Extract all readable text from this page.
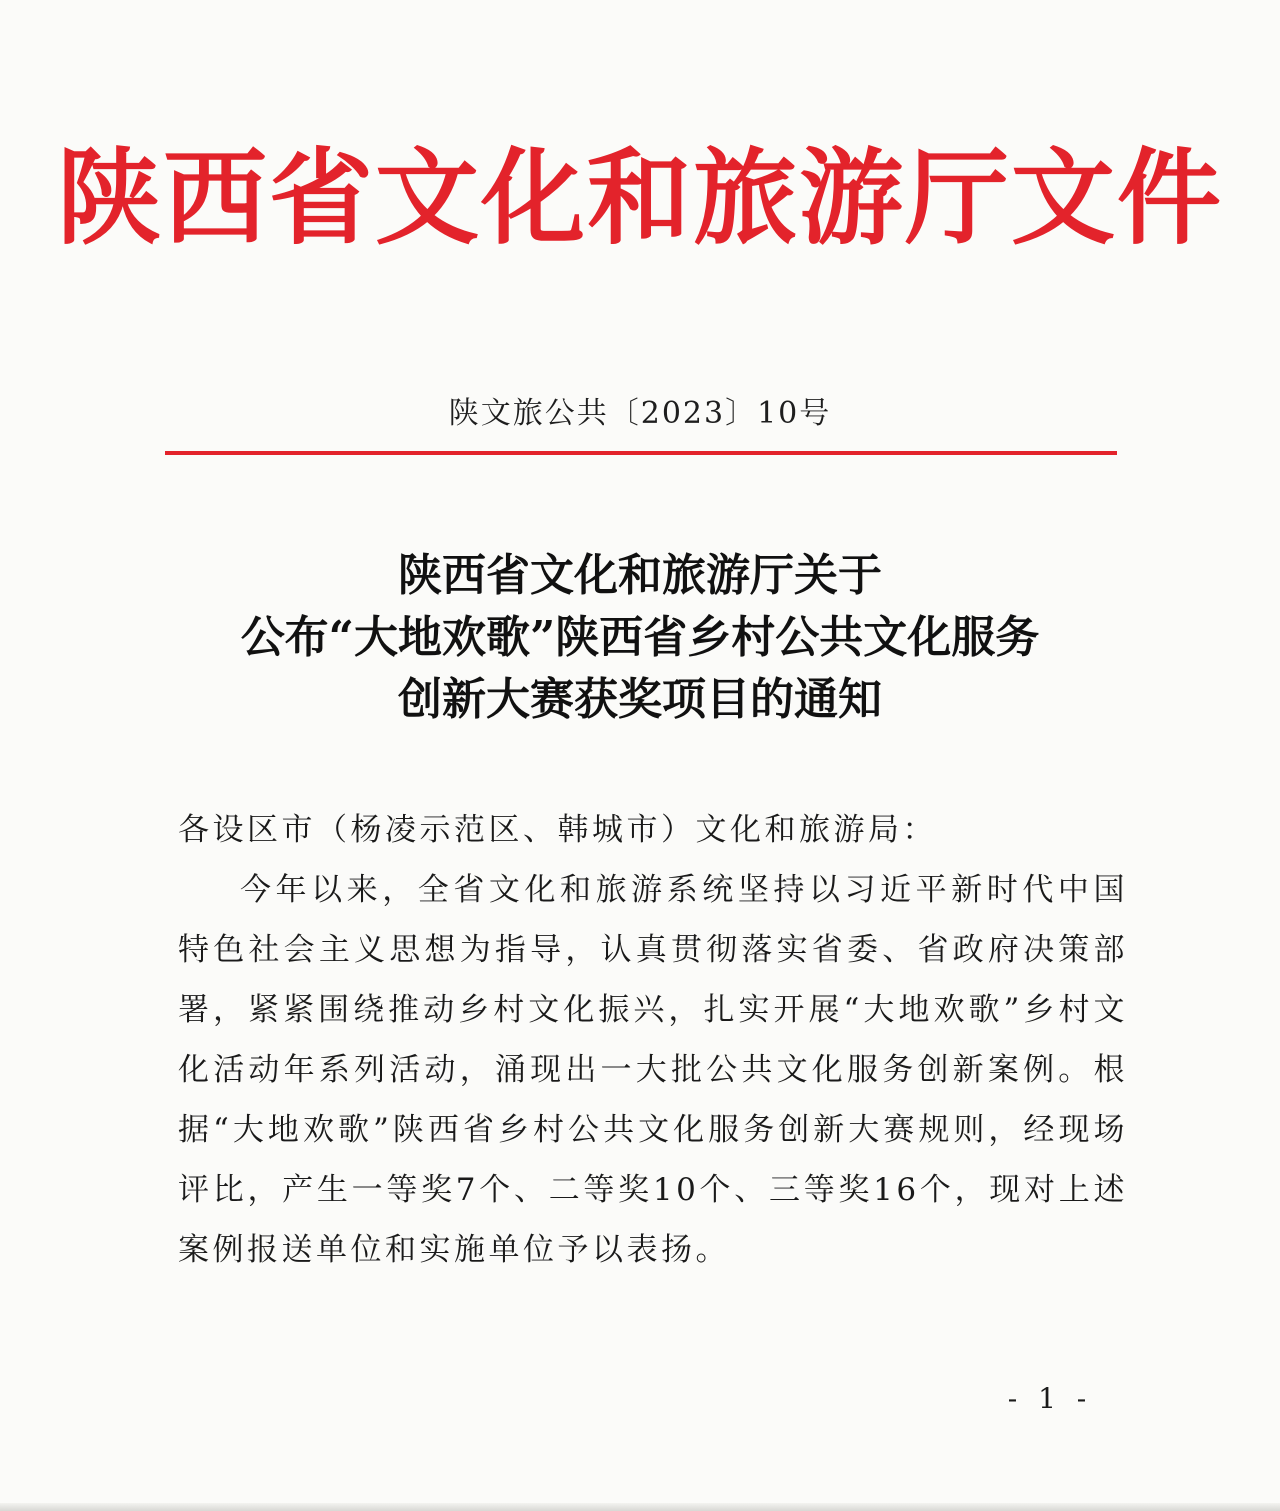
陕西省文化和旅游厅文件
陕文旅公共〔2023〕10号
陕西省文化和旅游厅关于
公布“大地欢歌”陕西省乡村公共文化服务
创新大赛获奖项目的通知

各设区市（杨凌示范区、韩城市）文化和旅游局：

今年以来，全省文化和旅游系统坚持以习近平新时代中国特色社会主义思想为指导，认真贯彻落实省委、省政府决策部署，紧紧围绕推动乡村文化振兴，扎实开展“大地欢歌”乡村文化活动年系列活动，涌现出一大批公共文化服务创新案例。根据“大地欢歌”陕西省乡村公共文化服务创新大赛规则，经现场评比，产生一等奖7个、二等奖10个、三等奖16个，现对上述案例报送单位和实施单位予以表扬。

- 1 -
